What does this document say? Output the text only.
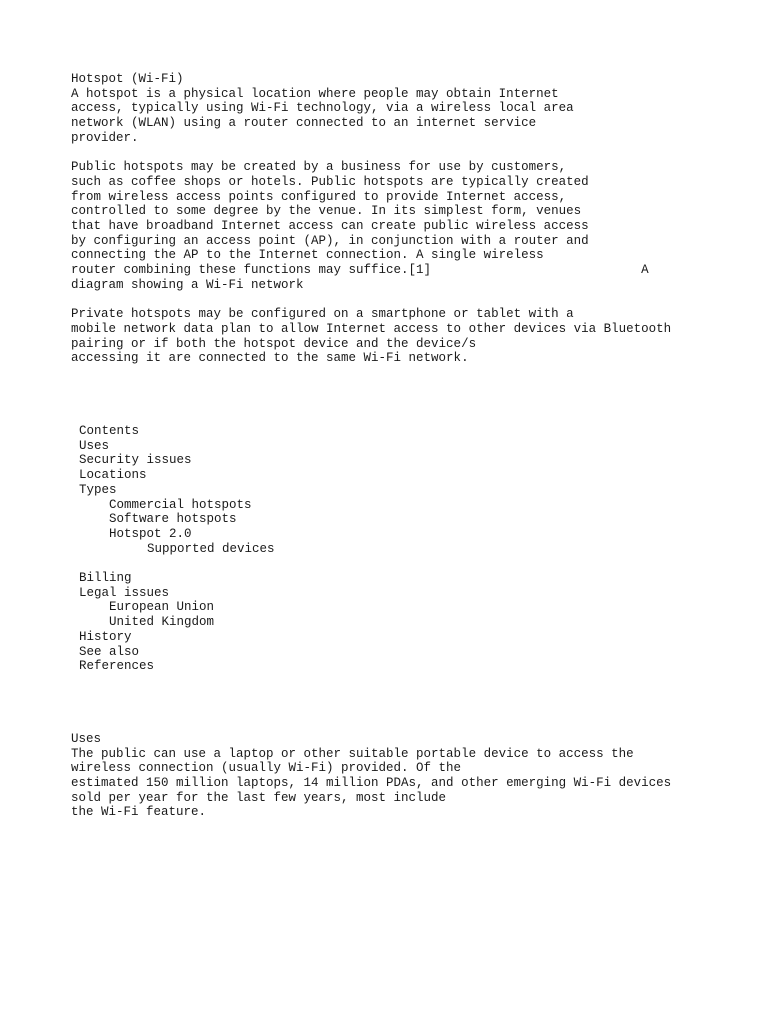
Hotspot (Wi-Fi)
A hotspot is a physical location where people may obtain Internet
access, typically using Wi-Fi technology, via a wireless local area
network (WLAN) using a router connected to an internet service
provider.
Public hotspots may be created by a business for use by customers,
such as coffee shops or hotels. Public hotspots are typically created
from wireless access points configured to provide Internet access,
controlled to some degree by the venue. In its simplest form, venues
that have broadband Internet access can create public wireless access
by configuring an access point (AP), in conjunction with a router and
connecting the AP to the Internet connection. A single wireless
router combining these functions may suffice.[1]                            A
diagram showing a Wi-Fi network
Private hotspots may be configured on a smartphone or tablet with a
mobile network data plan to allow Internet access to other devices via Bluetooth
pairing or if both the hotspot device and the device/s
accessing it are connected to the same Wi-Fi network.
Contents
Uses
Security issues
Locations
Types
Commercial hotspots
Software hotspots
Hotspot 2.0
Supported devices
Billing
Legal issues
European Union
United Kingdom
History
See also
References
Uses
The public can use a laptop or other suitable portable device to access the
wireless connection (usually Wi-Fi) provided. Of the
estimated 150 million laptops, 14 million PDAs, and other emerging Wi-Fi devices
sold per year for the last few years, most include
the Wi-Fi feature.
